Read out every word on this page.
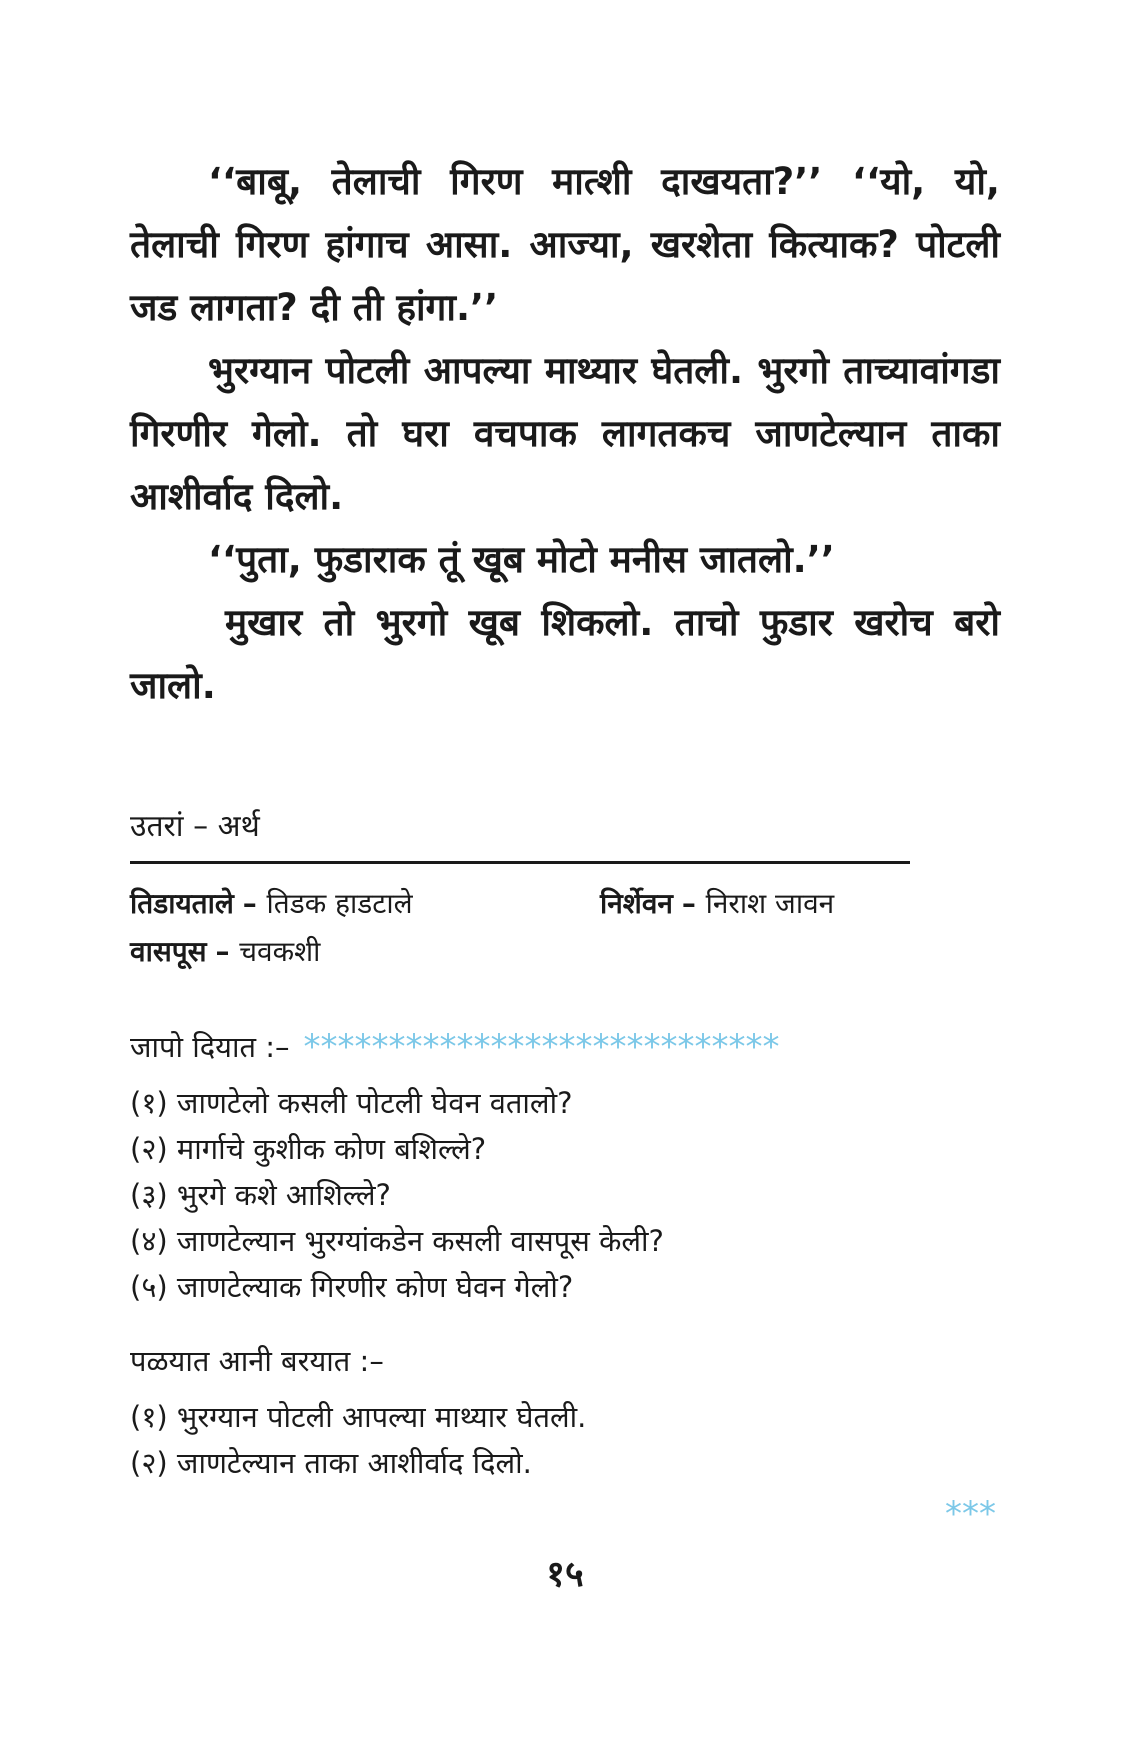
‘‘बाबू, तेलाची गिरण मात्शी दाखयता?’’ ‘‘यो, यो, तेलाची गिरण हांगाच आसा. आज्या, खरशेता कित्याक? पोटली जड लागता? दी ती हांगा.’’

भुरग्यान पोटली आपल्या माथ्यार घेतली. भुरगो ताच्यावांगडा गिरणीर गेलो. तो घरा वचपाक लागतकच जाणटेल्यान ताका आशीर्वाद दिलो.

‘‘पुता, फुडाराक तूं खूब मोटो मनीस जातलो.’’

मुखार तो भुरगो खूब शिकलो. ताचो फुडार खरोच बरो जालो.

उतरां – अर्थ
तिडायताले – तिडक हाडटाले	निर्शेवन – निराश जावन
वासपूस – चवकशी
जापो दियात :– ****************************
(१) जाणटेलो कसली पोटली घेवन वतालो?
(२) मार्गाचे कुशीक कोण बशिल्ले?
(३) भुरगे कशे आशिल्ले?
(४) जाणटेल्यान भुरग्यांकडेन कसली वासपूस केली?
(५) जाणटेल्याक गिरणीर कोण घेवन गेलो?
पळयात आनी बरयात :–
(१) भुरग्यान पोटली आपल्या माथ्यार घेतली.
(२) जाणटेल्यान ताका आशीर्वाद दिलो.
***
१५
